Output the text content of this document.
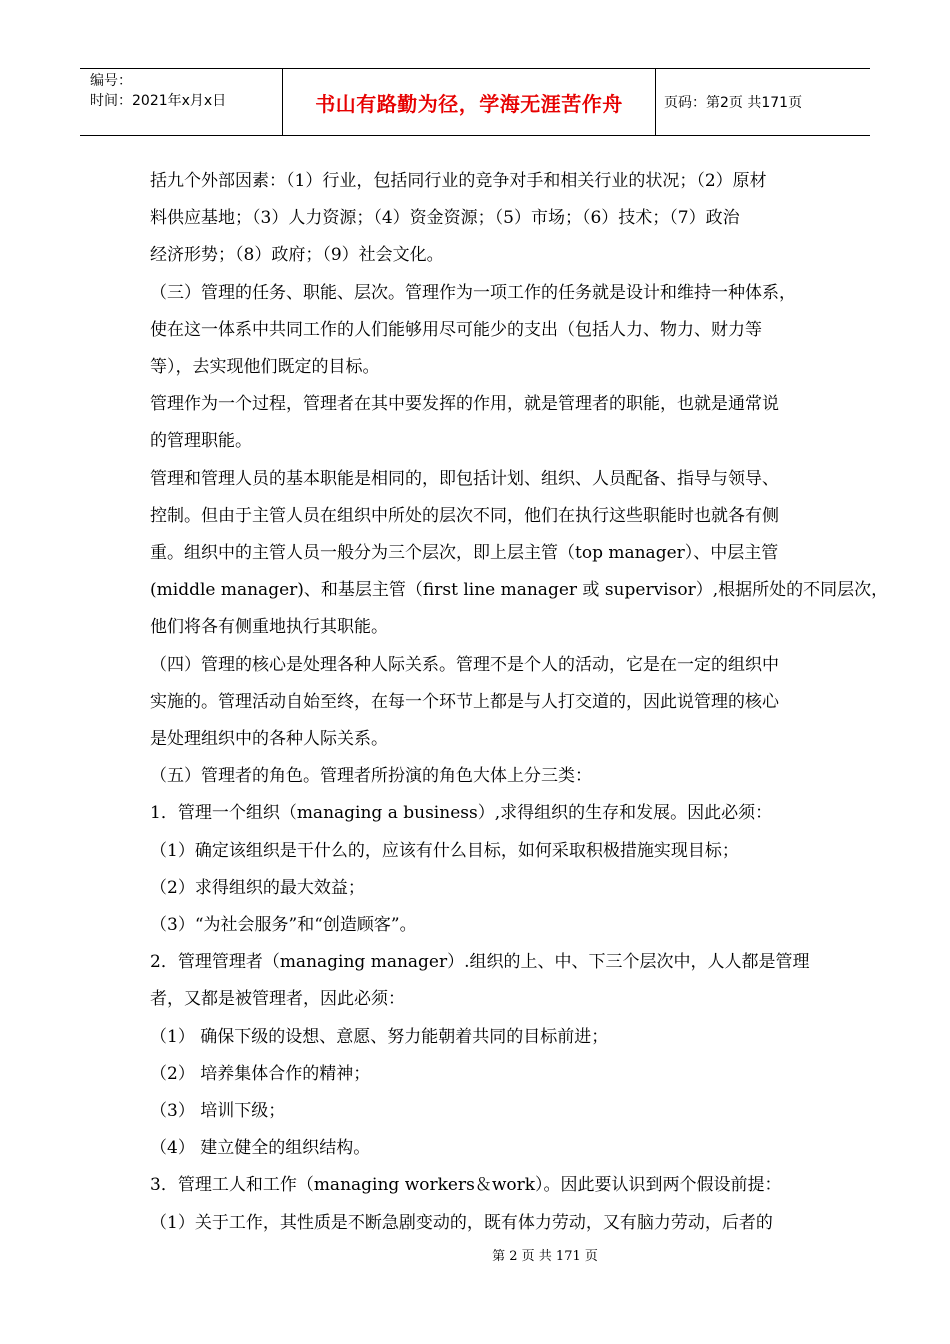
编号：
时间：2021年x月x日	书山有路勤为径，学海无涯苦作舟	页码：第2页 共171页

括九个外部因素：（1）行业，包括同行业的竞争对手和相关行业的状况；（2）原材

料供应基地；（3）人力资源；（4）资金资源；（5）市场；（6）技术；（7）政治

经济形势；（8）政府；（9）社会文化。

（三）管理的任务、职能、层次。管理作为一项工作的任务就是设计和维持一种体系，

使在这一体系中共同工作的人们能够用尽可能少的支出（包括人力、物力、财力等

等），去实现他们既定的目标。

管理作为一个过程，管理者在其中要发挥的作用，就是管理者的职能，也就是通常说

的管理职能。

管理和管理人员的基本职能是相同的，即包括计划、组织、人员配备、指导与领导、

控制。但由于主管人员在组织中所处的层次不同，他们在执行这些职能时也就各有侧

重。组织中的主管人员一般分为三个层次，即上层主管（top manager）、中层主管

(middle manager)、和基层主管（first line manager 或 supervisor）,根据所处的不同层次，

他们将各有侧重地执行其职能。

（四）管理的核心是处理各种人际关系。管理不是个人的活动，它是在一定的组织中

实施的。管理活动自始至终，在每一个环节上都是与人打交道的，因此说管理的核心

是处理组织中的各种人际关系。

（五）管理者的角色。管理者所扮演的角色大体上分三类：

1．管理一个组织（managing a business）,求得组织的生存和发展。因此必须：

（1）确定该组织是干什么的，应该有什么目标，如何采取积极措施实现目标；

（2）求得组织的最大效益；

（3）“为社会服务”和“创造顾客”。

2．管理管理者（managing manager）.组织的上、中、下三个层次中，人人都是管理

者，又都是被管理者，因此必须：

（1） 确保下级的设想、意愿、努力能朝着共同的目标前进；

（2） 培养集体合作的精神；

（3） 培训下级；

（4） 建立健全的组织结构。

3．管理工人和工作（managing workers＆work）。因此要认识到两个假设前提：

（1）关于工作，其性质是不断急剧变动的，既有体力劳动，又有脑力劳动，后者的

第 2 页 共 171 页
